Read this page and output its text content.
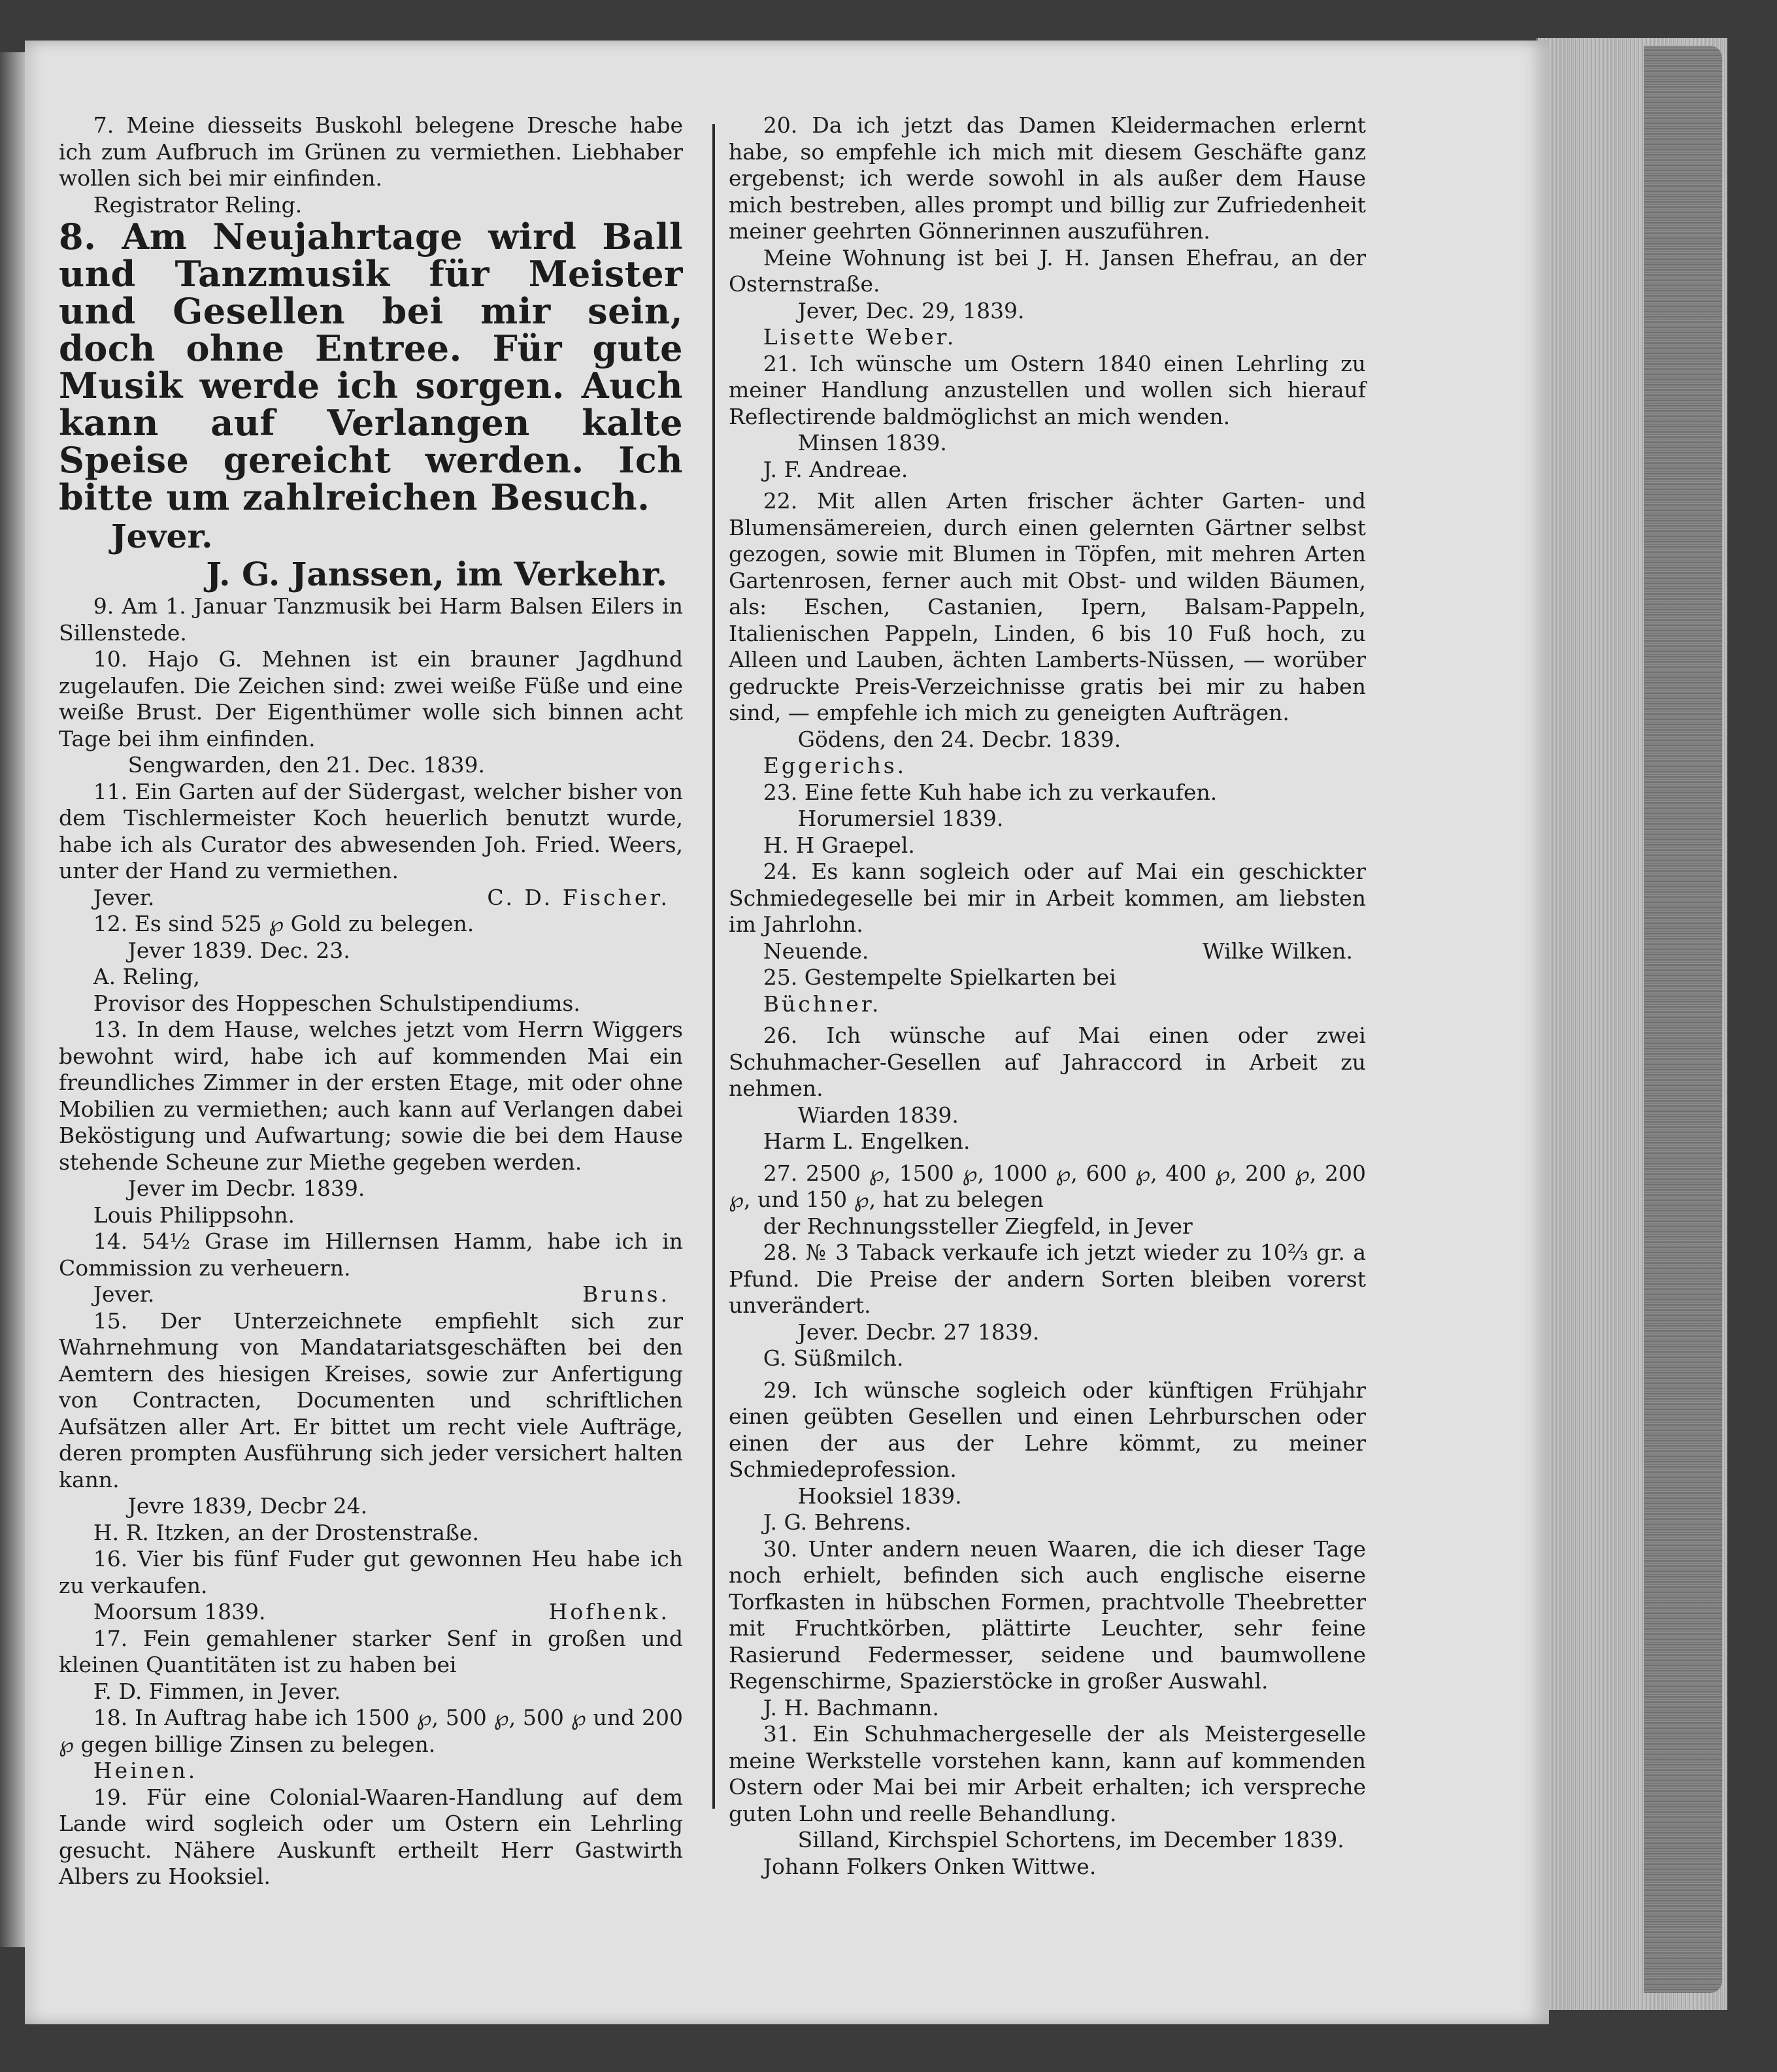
7. Meine diesseits Buskohl belegene Dresche habe ich zum Aufbruch im Grünen zu vermiethen. Liebhaber wollen sich bei mir einfinden.

Registrator Reling.

8. Am Neujahrtage wird Ball und Tanzmusik für Meister und Gesellen bei mir sein, doch ohne Entree. Für gute Musik werde ich sorgen. Auch kann auf Verlangen kalte Speise gereicht werden. Ich bitte um zahlreichen Besuch.

Jever.

J. G. Janssen, im Verkehr.

9. Am 1. Januar Tanzmusik bei Harm Balsen Eilers in Sillenstede.

10. Hajo G. Mehnen ist ein brauner Jagdhund zugelaufen. Die Zeichen sind: zwei weiße Füße und eine weiße Brust. Der Eigenthümer wolle sich binnen acht Tage bei ihm einfinden.

Sengwarden, den 21. Dec. 1839.

11. Ein Garten auf der Südergast, welcher bisher von dem Tischlermeister Koch heuerlich benutzt wurde, habe ich als Curator des abwesenden Joh. Fried. Weers, unter der Hand zu vermiethen.

Jever.	C. D. Fischer.

12. Es sind 525 ℘ Gold zu belegen.

Jever 1839. Dec. 23.

A. Reling,

Provisor des Hoppeschen Schulstipendiums.

13. In dem Hause, welches jetzt vom Herrn Wiggers bewohnt wird, habe ich auf kommenden Mai ein freundliches Zimmer in der ersten Etage, mit oder ohne Mobilien zu vermiethen; auch kann auf Verlangen dabei Beköstigung und Aufwartung; sowie die bei dem Hause stehende Scheune zur Miethe gegeben werden.

Jever im Decbr. 1839.

Louis Philippsohn.

14. 54½ Grase im Hillernsen Hamm, habe ich in Commission zu verheuern.

Jever.	Bruns.

15. Der Unterzeichnete empfiehlt sich zur Wahrnehmung von Mandatariatsgeschäften bei den Aemtern des hiesigen Kreises, sowie zur Anfertigung von Contracten, Documenten und schriftlichen Aufsätzen aller Art. Er bittet um recht viele Aufträge, deren prompten Ausführung sich jeder versichert halten kann.

Jevre 1839, Decbr 24.

H. R. Itzken, an der Drostenstraße.

16. Vier bis fünf Fuder gut gewonnen Heu habe ich zu verkaufen.

Moorsum 1839.	Hofhenk.

17. Fein gemahlener starker Senf in großen und kleinen Quantitäten ist zu haben bei

F. D. Fimmen, in Jever.

18. In Auftrag habe ich 1500 ℘, 500 ℘, 500 ℘ und 200 ℘ gegen billige Zinsen zu belegen.

Heinen.

19. Für eine Colonial-Waaren-Handlung auf dem Lande wird sogleich oder um Ostern ein Lehrling gesucht. Nähere Auskunft ertheilt Herr Gastwirth Albers zu Hooksiel.

20. Da ich jetzt das Damen Kleidermachen erlernt habe, so empfehle ich mich mit diesem Geschäfte ganz ergebenst; ich werde sowohl in als außer dem Hause mich bestreben, alles prompt und billig zur Zufriedenheit meiner geehrten Gönnerinnen auszuführen.

Meine Wohnung ist bei J. H. Jansen Ehefrau, an der Osternstraße.

Jever, Dec. 29, 1839.

Lisette Weber.

21. Ich wünsche um Ostern 1840 einen Lehrling zu meiner Handlung anzustellen und wollen sich hierauf Reflectirende baldmöglichst an mich wenden.

Minsen 1839.

J. F. Andreae.

22. Mit allen Arten frischer ächter Garten- und Blumensämereien, durch einen gelernten Gärtner selbst gezogen, sowie mit Blumen in Töpfen, mit mehren Arten Gartenrosen, ferner auch mit Obst- und wilden Bäumen, als: Eschen, Castanien, Ipern, Balsam-Pappeln, Italienischen Pappeln, Linden, 6 bis 10 Fuß hoch, zu Alleen und Lauben, ächten Lamberts-Nüssen, — worüber gedruckte Preis-Verzeichnisse gratis bei mir zu haben sind, — empfehle ich mich zu geneigten Aufträgen.

Gödens, den 24. Decbr. 1839.

Eggerichs.

23. Eine fette Kuh habe ich zu verkaufen.

Horumersiel 1839.

H. H Graepel.

24. Es kann sogleich oder auf Mai ein geschickter Schmiedegeselle bei mir in Arbeit kommen, am liebsten im Jahrlohn.

Neuende.	Wilke Wilken.

25. Gestempelte Spielkarten bei

Büchner.

26. Ich wünsche auf Mai einen oder zwei Schuhmacher-Gesellen auf Jahraccord in Arbeit zu nehmen.

Wiarden 1839.

Harm L. Engelken.

27. 2500 ℘, 1500 ℘, 1000 ℘, 600 ℘, 400 ℘, 200 ℘, 200 ℘, und 150 ℘, hat zu belegen

der Rechnungssteller Ziegfeld, in Jever

28. № 3 Taback verkaufe ich jetzt wieder zu 10⅔ gr. a Pfund. Die Preise der andern Sorten bleiben vorerst unverändert.

Jever. Decbr. 27 1839.

G. Süßmilch.

29. Ich wünsche sogleich oder künftigen Frühjahr einen geübten Gesellen und einen Lehrburschen oder einen der aus der Lehre kömmt, zu meiner Schmiedeprofession.

Hooksiel 1839.

J. G. Behrens.

30. Unter andern neuen Waaren, die ich dieser Tage noch erhielt, befinden sich auch englische eiserne Torfkasten in hübschen Formen, prachtvolle Theebretter mit Fruchtkörben, plättirte Leuchter, sehr feine Rasierund Federmesser, seidene und baumwollene Regenschirme, Spazierstöcke in großer Auswahl.

J. H. Bachmann.

31. Ein Schuhmachergeselle der als Meistergeselle meine Werkstelle vorstehen kann, kann auf kommenden Ostern oder Mai bei mir Arbeit erhalten; ich verspreche guten Lohn und reelle Behandlung.

Silland, Kirchspiel Schortens, im December 1839.

Johann Folkers Onken Wittwe.
